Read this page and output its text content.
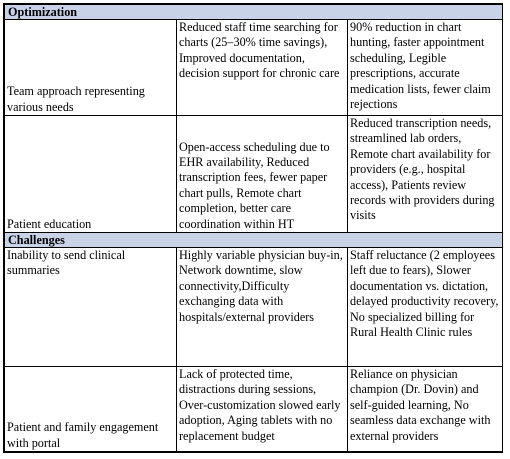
Optimization		
Team approach representing various needs	Reduced staff time searching for charts (25–30% time savings), Improved documentation, decision support for chronic care	90% reduction in chart hunting, faster appointment scheduling, Legible prescriptions, accurate medication lists, fewer claim rejections
Patient education	Open-access scheduling due to EHR availability, Reduced transcription fees, fewer paper chart pulls, Remote chart completion, better care coordination within HT	Reduced transcription needs, streamlined lab orders, Remote chart availability for providers (e.g., hospital access), Patients review records with providers during visits
Challenges		
Inability to send clinical summaries	Highly variable physician buy-in, Network downtime, slow connectivity,Difficulty exchanging data with hospitals/external providers	Staff reluctance (2 employees left due to fears), Slower documentation vs. dictation, delayed productivity recovery, No specialized billing for Rural Health Clinic rules
Patient and family engagement with portal	Lack of protected time, distractions during sessions, Over-customization slowed early adoption, Aging tablets with no replacement budget	Reliance on physician champion (Dr. Dovin) and self-guided learning, No seamless data exchange with external providers
